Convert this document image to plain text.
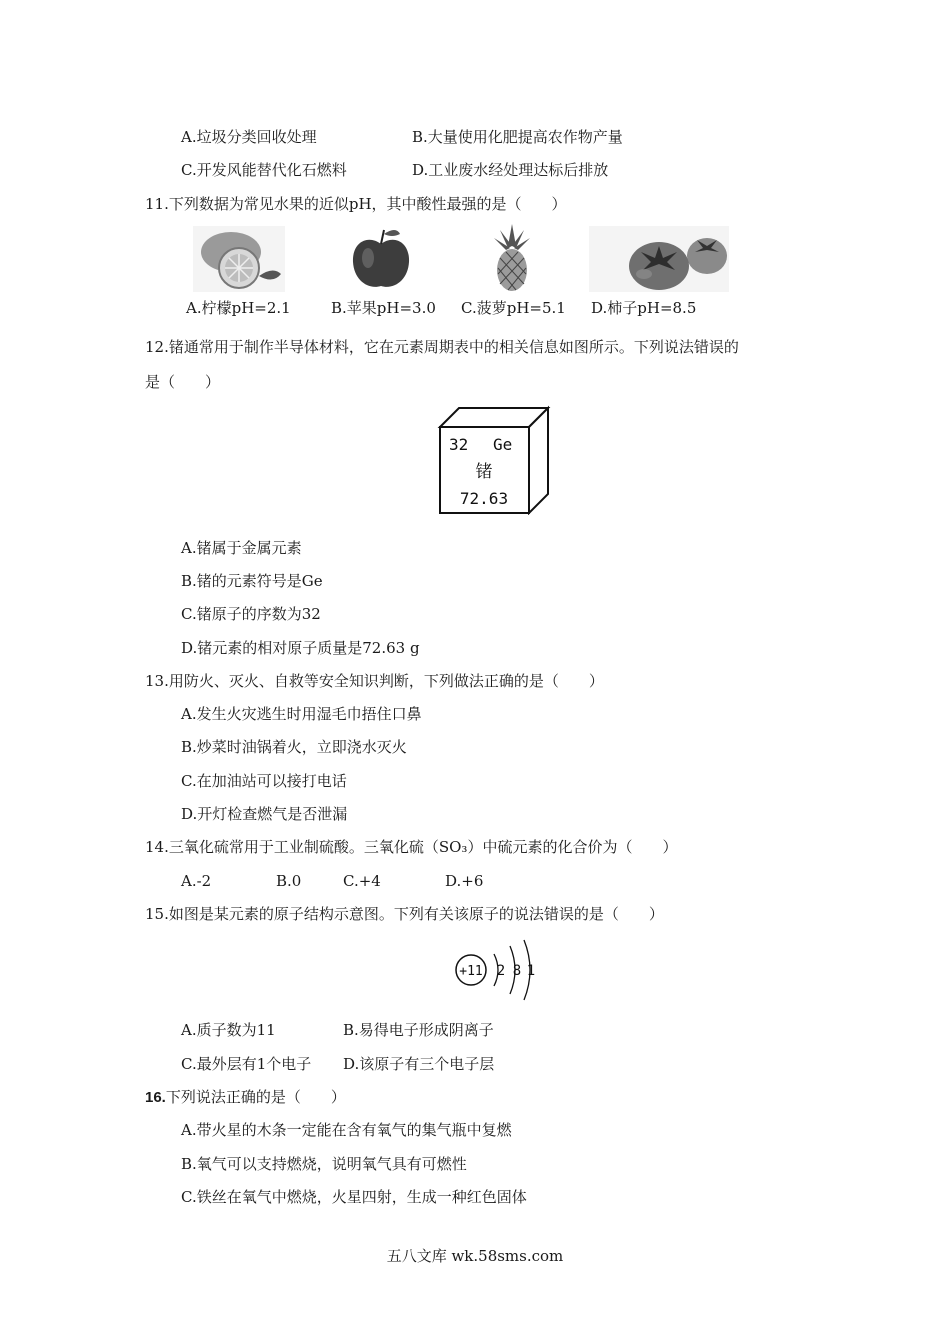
A.垃圾分类回收处理	B.大量使用化肥提高农作物产量
C.开发风能替代化石燃料	D.工业废水经处理达标后排放
11.下列数据为常见水果的近似pH，其中酸性最强的是（　　）
A.柠檬pH=2.1	B.苹果pH=3.0 C.菠萝pH=5.1 D.柿子pH=8.5
12.锗通常用于制作半导体材料，它在元素周期表中的相关信息如图所示。下列说法错误的
是（　　）
32 Ge
锗
72.63
A.锗属于金属元素
B.锗的元素符号是Ge
C.锗原子的序数为32
D.锗元素的相对原子质量是72.63 g
13.用防火、灭火、自救等安全知识判断，下列做法正确的是（　　）
A.发生火灾逃生时用湿毛巾捂住口鼻
B.炒菜时油锅着火，立即浇水灭火
C.在加油站可以接打电话
D.开灯检查燃气是否泄漏
14.三氧化硫常用于工业制硫酸。三氧化硫（SO₃）中硫元素的化合价为（　　）
A.-2	B.0	C.+4	D.+6
15.如图是某元素的原子结构示意图。下列有关该原子的说法错误的是（　　）
+11 2 8 1
A.质子数为11	B.易得电子形成阴离子
C.最外层有1个电子 D.该原子有三个电子层
16.下列说法正确的是（　　）
A.带火星的木条一定能在含有氧气的集气瓶中复燃
B.氧气可以支持燃烧，说明氧气具有可燃性
C.铁丝在氧气中燃烧，火星四射，生成一种红色固体
五八文库 wk.58sms.com
